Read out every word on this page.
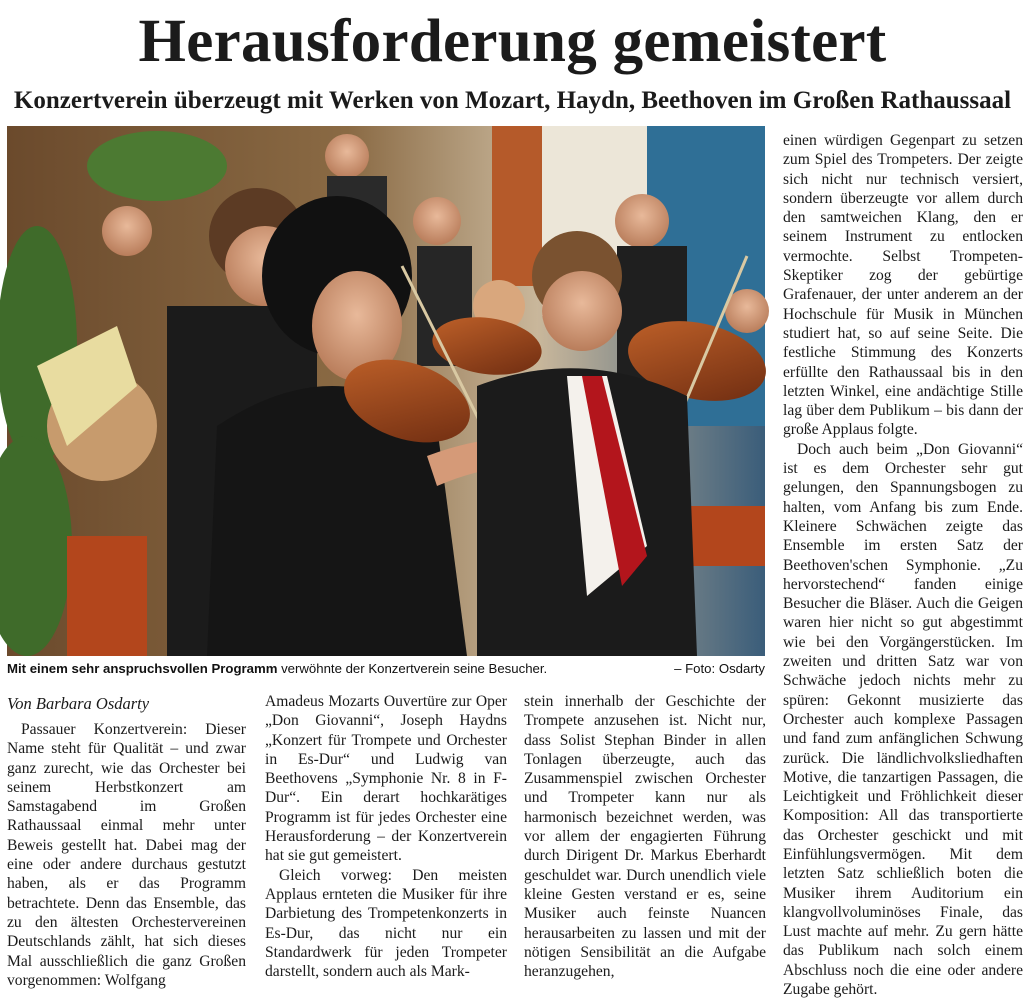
Herausforderung gemeistert
Konzertverein überzeugt mit Werken von Mozart, Haydn, Beethoven im Großen Rathaussaal
Mit einem sehr anspruchsvollen Programm verwöhnte der Konzertverein seine Besucher.	– Foto: Osdarty
Von Barbara Osdarty

Passauer Konzertverein: Dieser Name steht für Qualität – und zwar ganz zurecht, wie das Orchester bei seinem Herbstkonzert am Samstagabend im Großen Rathaussaal einmal mehr unter Beweis gestellt hat. Dabei mag der eine oder andere durchaus gestutzt haben, als er das Programm betrachtete. Denn das Ensemble, das zu den ältesten Orchestervereinen Deutschlands zählt, hat sich dieses Mal ausschließlich die ganz Großen vorgenommen: Wolfgang

Amadeus Mozarts Ouvertüre zur Oper „Don Giovanni“, Joseph Haydns „Konzert für Trompete und Orchester in Es-Dur“ und Ludwig van Beethovens „Symphonie Nr. 8 in F-Dur“. Ein derart hochkarätiges Programm ist für jedes Orchester eine Herausforderung – der Konzertverein hat sie gut gemeistert.

Gleich vorweg: Den meisten Applaus ernteten die Musiker für ihre Darbietung des Trompetenkonzerts in Es-Dur, das nicht nur ein Standardwerk für jeden Trompeter darstellt, sondern auch als Mark-

stein innerhalb der Geschichte der Trompete anzusehen ist. Nicht nur, dass Solist Stephan Binder in allen Tonlagen überzeugte, auch das Zusammenspiel zwischen Orchester und Trompeter kann nur als harmonisch bezeichnet werden, was vor allem der engagierten Führung durch Dirigent Dr. Markus Eberhardt geschuldet war. Durch unendlich viele kleine Gesten verstand er es, seine Musiker auch feinste Nuancen herausarbeiten zu lassen und mit der nötigen Sensibilität an die Aufgabe heranzugehen,

einen würdigen Gegenpart zu setzen zum Spiel des Trompeters. Der zeigte sich nicht nur technisch versiert, sondern überzeugte vor allem durch den samtweichen Klang, den er seinem Instrument zu entlocken vermochte. Selbst Trompeten-Skeptiker zog der gebürtige Grafenauer, der unter anderem an der Hochschule für Musik in München studiert hat, so auf seine Seite. Die festliche Stimmung des Konzerts erfüllte den Rathaussaal bis in den letzten Winkel, eine andächtige Stille lag über dem Publikum – bis dann der große Applaus folgte.

Doch auch beim „Don Giovanni“ ist es dem Orchester sehr gut gelungen, den Spannungsbogen zu halten, vom Anfang bis zum Ende. Kleinere Schwächen zeigte das Ensemble im ersten Satz der Beethoven'schen Symphonie. „Zu hervorstechend“ fanden einige Besucher die Bläser. Auch die Geigen waren hier nicht so gut abgestimmt wie bei den Vorgängerstücken. Im zweiten und dritten Satz war von Schwäche jedoch nichts mehr zu spüren: Gekonnt musizierte das Orchester auch komplexe Passagen und fand zum anfänglichen Schwung zurück. Die ländlichvolksliedhaften Motive, die tanzartigen Passagen, die Leichtigkeit und Fröhlichkeit dieser Komposition: All das transportierte das Orchester geschickt und mit Einfühlungsvermögen. Mit dem letzten Satz schließlich boten die Musiker ihrem Auditorium ein klangvollvoluminöses Finale, das Lust machte auf mehr. Zu gern hätte das Publikum nach solch einem Abschluss noch die eine oder andere Zugabe gehört.
